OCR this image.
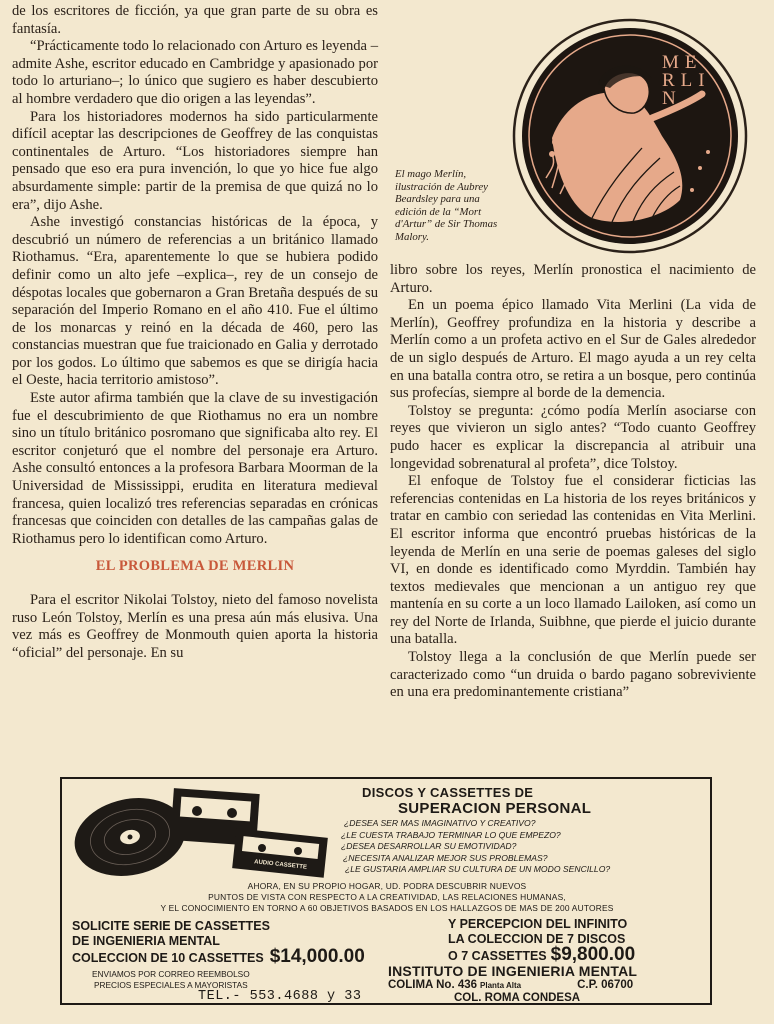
de los escritores de ficción, ya que gran parte de su obra es fantasía.

“Prácticamente todo lo relacionado con Arturo es leyenda –admite Ashe, escritor educado en Cambridge y apasionado por todo lo arturiano–; lo único que sugiero es haber descubierto al hombre verdadero que dio origen a las leyendas”.

Para los historiadores modernos ha sido particularmente difícil aceptar las descripciones de Geoffrey de las conquistas continentales de Arturo. “Los historiadores siempre han pensado que eso era pura invención, lo que yo hice fue algo absurdamente simple: partir de la premisa de que quizá no lo era”, dijo Ashe.

Ashe investigó constancias históricas de la época, y descubrió un número de referencias a un británico llamado Riothamus. “Era, aparentemente lo que se hubiera podido definir como un alto jefe –explica–, rey de un consejo de déspotas locales que gobernaron a Gran Bretaña después de su separación del Imperio Romano en el año 410. Fue el último de los monarcas y reinó en la década de 460, pero las constancias muestran que fue traicionado en Galia y derrotado por los godos. Lo último que sabemos es que se dirigía hacia el Oeste, hacia territorio amistoso”.

Este autor afirma también que la clave de su investigación fue el descubrimiento de que Riothamus no era un nombre sino un título británico posromano que significaba alto rey. El escritor conjeturó que el nombre del personaje era Arturo. Ashe consultó entonces a la profesora Barbara Moorman de la Universidad de Mississippi, erudita en literatura medieval francesa, quien localizó tres referencias separadas en crónicas francesas que coinciden con detalles de las campañas galas de Riothamus pero lo identifican como Arturo.

EL PROBLEMA DE MERLIN

Para el escritor Nikolai Tolstoy, nieto del famoso novelista ruso León Tolstoy, Merlín es una presa aún más elusiva. Una vez más es Geoffrey de Monmouth quien aporta la historia “oficial” del personaje. En su

MERLIN

El mago Merlín, ilustración de Aubrey Beardsley para una edición de la “Mort d'Artur” de Sir Thomas Malory.

libro sobre los reyes, Merlín pronostica el nacimiento de Arturo.

En un poema épico llamado Vita Merlini (La vida de Merlín), Geoffrey profundiza en la historia y describe a Merlín como a un profeta activo en el Sur de Gales alrededor de un siglo después de Arturo. El mago ayuda a un rey celta en una batalla contra otro, se retira a un bosque, pero continúa sus profecías, siempre al borde de la demencia.

Tolstoy se pregunta: ¿cómo podía Merlín asociarse con reyes que vivieron un siglo antes? “Todo cuanto Geoffrey pudo hacer es explicar la discrepancia al atribuir una longevidad sobrenatural al profeta”, dice Tolstoy.

El enfoque de Tolstoy fue el considerar ficticias las referencias contenidas en La historia de los reyes británicos y tratar en cambio con seriedad las contenidas en Vita Merlini. El escritor informa que encontró pruebas históricas de la leyenda de Merlín en una serie de poemas galeses del siglo VI, en donde es identificado como Myrddin. También hay textos medievales que mencionan a un antiguo rey que mantenía en su corte a un loco llamado Lailoken, así como un rey del Norte de Irlanda, Suibhne, que pierde el juicio durante una batalla.

Tolstoy llega a la conclusión de que Merlín puede ser caracterizado como “un druida o bardo pagano sobreviviente en una era predominantemente cristiana”

AUDIO CASSETTE
DISCOS Y CASSETTES DE
SUPERACION PERSONAL
¿DESEA SER MAS IMAGINATIVO Y CREATIVO?
¿LE CUESTA TRABAJO TERMINAR LO QUE EMPEZO?
¿DESEA DESARROLLAR SU EMOTIVIDAD?
¿NECESITA ANALIZAR MEJOR SUS PROBLEMAS?
¿LE GUSTARIA AMPLIAR SU CULTURA DE UN MODO SENCILLO?
AHORA, EN SU PROPIO HOGAR, UD. PODRA DESCUBRIR NUEVOS
PUNTOS DE VISTA CON RESPECTO A LA CREATIVIDAD, LAS RELACIONES HUMANAS,
Y EL CONOCIMIENTO EN TORNO A 60 OBJETIVOS BASADOS EN LOS HALLAZGOS DE MAS DE 200 AUTORES
SOLICITE SERIE DE CASSETTES
DE INGENIERIA MENTAL
COLECCION DE 10 CASSETTES $14,000.00
ENVIAMOS POR CORREO REEMBOLSO
PRECIOS ESPECIALES A MAYORISTAS
Y PERCEPCION DEL INFINITO
LA COLECCION DE 7 DISCOS
O 7 CASSETTES $9,800.00
INSTITUTO DE INGENIERIA MENTAL
COLIMA No. 436 Planta Alta	C.P. 06700
COL. ROMA CONDESA
TEL.- 553.4688 y 33
